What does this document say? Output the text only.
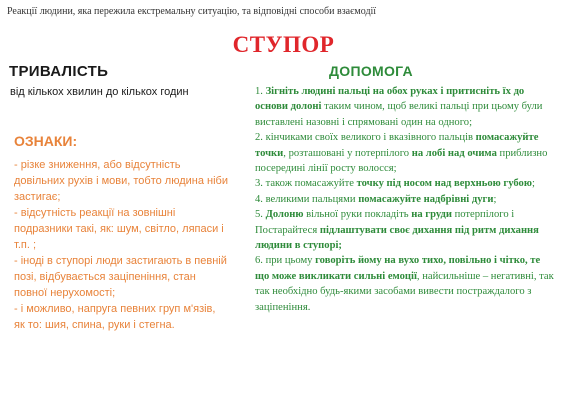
Реакції людини, яка пережила екстремальну ситуацію, та відповідні способи взаємодії
СТУПОР
ТРИВАЛІСТЬ
від кількох хвилин до кількох годин
ОЗНАКИ:

- різке зниження, або відсутність довільних рухів і мови, тобто людина ніби застигає;

- відсутність реакції на зовнішні подразники такі, як: шум, світло, ляпаси і т.п. ;

- іноді в ступорі люди застигають в певній позі, відбувається заціпеніння, стан повної нерухомості;

- і можливо, напруга певних груп м'язів, як то: шия, спина, руки і стегна.

ДОПОМОГА

1. Зігніть людині пальці на обох руках і притисніть їх до основи долоні таким чином, щоб великі пальці при цьому були виставлені назовні і спрямовані один на одного;

2. кінчиками своїх великого і вказівного пальців помасажуйте точки, розташовані у потерпілого на лобі над очима приблизно посередині лінії росту волосся;

3. також помасажуйте точку під носом над верхньою губою;

4. великими пальцями помасажуйте надбрівні дуги;

5. Долоню вільної руки покладіть на груди потерпілого і Постарайтеся підлаштувати своє дихання під ритм дихання людини в ступорі;

6. при цьому говоріть йому на вухо тихо, повільно і чітко, те що може викликати сильні емоції, найсильніше – негативні, так так необхідно будь-якими засобами вивести постраждалого з заціпеніння.
